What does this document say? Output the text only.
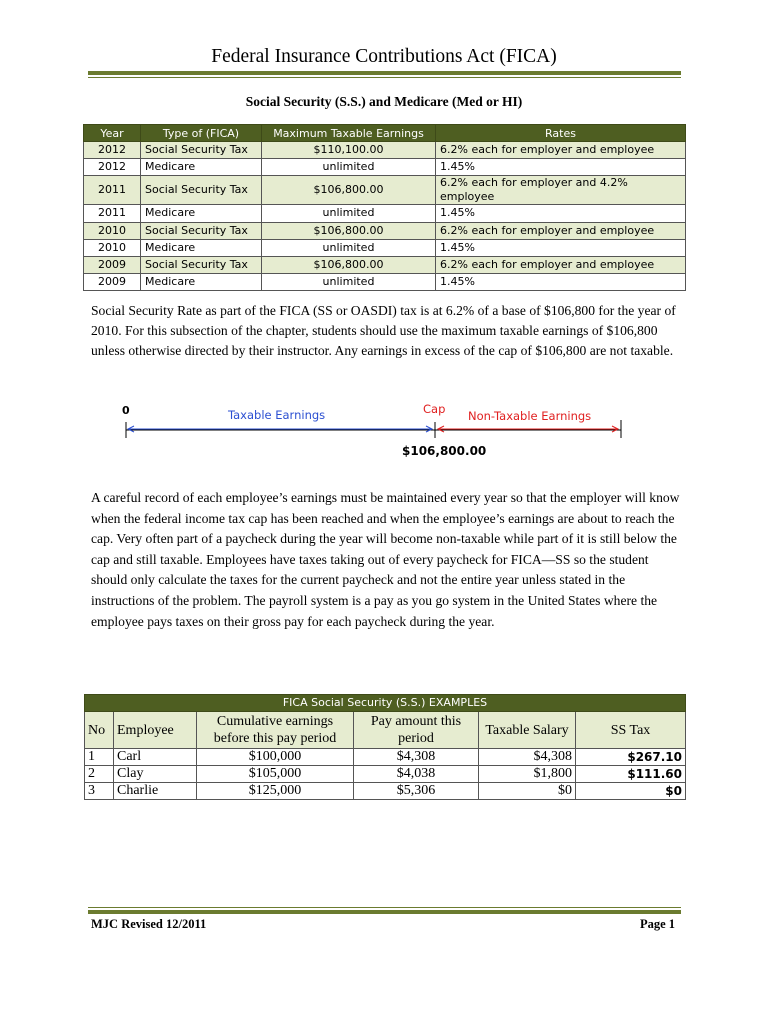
Federal Insurance Contributions Act (FICA)
Social Security (S.S.) and Medicare (Med or HI)
Year	Type of (FICA)	Maximum Taxable Earnings	Rates
2012	Social Security Tax	$110,100.00	6.2% each for employer and employee
2012	Medicare	unlimited	1.45%
2011	Social Security Tax	$106,800.00	6.2% each for employer and 4.2% employee
2011	Medicare	unlimited	1.45%
2010	Social Security Tax	$106,800.00	6.2% each for employer and employee
2010	Medicare	unlimited	1.45%
2009	Social Security Tax	$106,800.00	6.2% each for employer and employee
2009	Medicare	unlimited	1.45%
Social Security Rate as part of the FICA (SS or OASDI) tax is at 6.2% of a base of $106,800 for the year of 2010. For this subsection of the chapter, students should use the maximum taxable earnings of $106,800 unless otherwise directed by their instructor. Any earnings in excess of the cap of $106,800 are not taxable.
0	Taxable Earnings	Cap Non-Taxable Earnings
$106,800.00
A careful record of each employee’s earnings must be maintained every year so that the employer will know when the federal income tax cap has been reached and when the employee’s earnings are about to reach the cap. Very often part of a paycheck during the year will become non-taxable while part of it is still below the cap and still taxable. Employees have taxes taking out of every paycheck for FICA—SS so the student should only calculate the taxes for the current paycheck and not the entire year unless stated in the instructions of the problem. The payroll system is a pay as you go system in the United States where the employee pays taxes on their gross pay for each paycheck during the year.
FICA Social Security (S.S.) EXAMPLES					
No	Employee	Cumulative earnings before this pay period	Pay amount this period	Taxable Salary	SS Tax
1	Carl	$100,000	$4,308	$4,308	$267.10
2	Clay	$105,000	$4,038	$1,800	$111.60
3	Charlie	$125,000	$5,306	$0	$0
MJC Revised 12/2011	Page 1
